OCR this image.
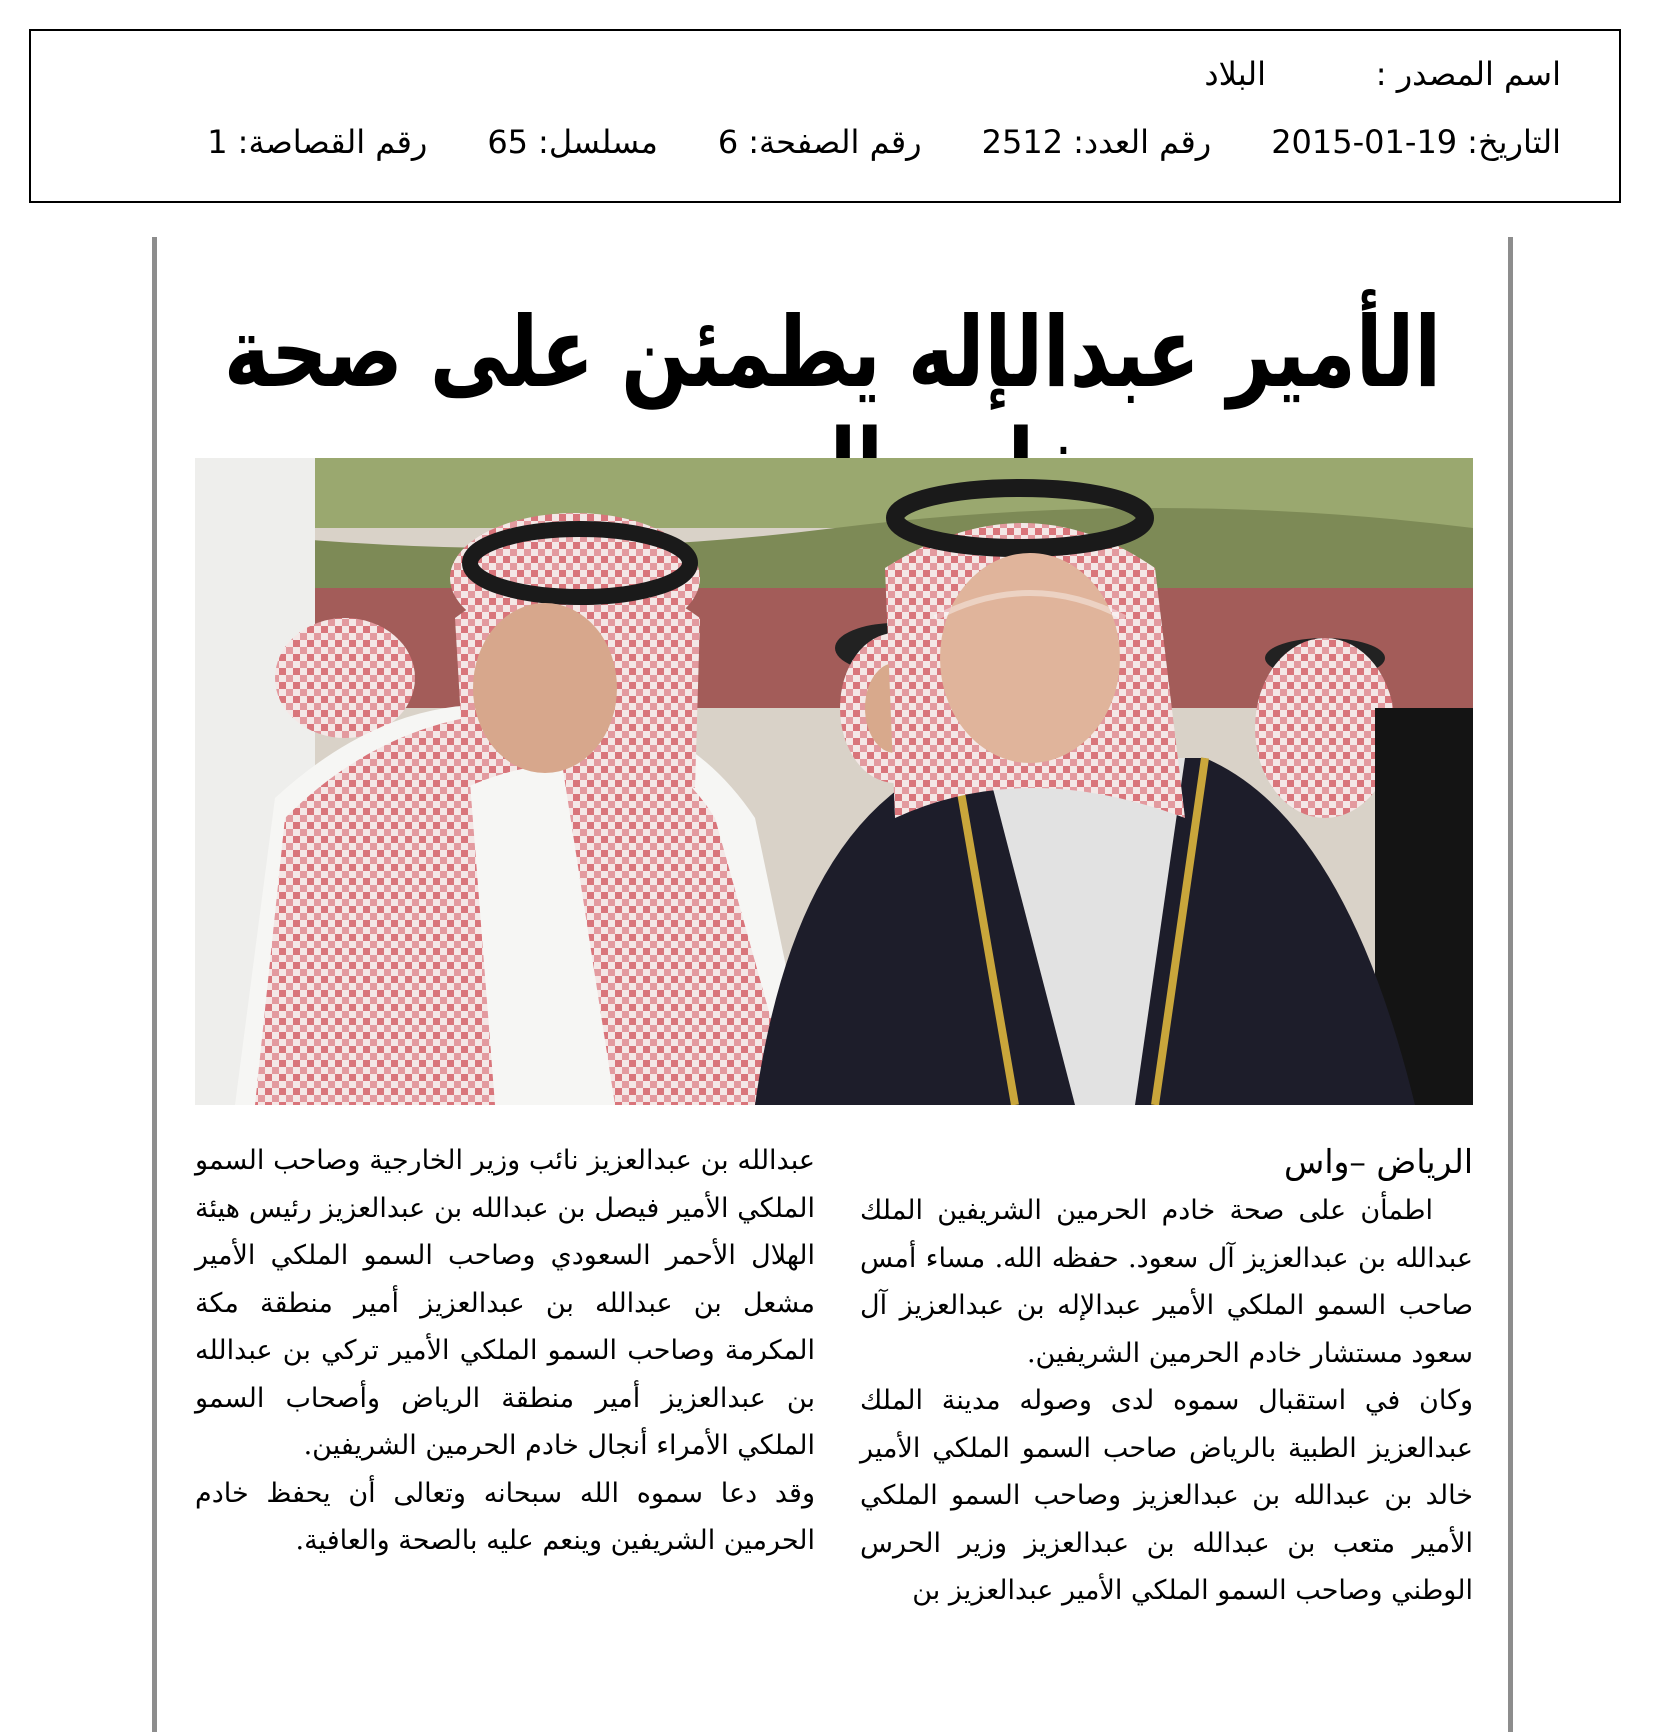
اسم المصدر :
البلاد
التاريخ:
2015-01-19
رقم العدد:
2512
رقم الصفحة:
6
مسلسل:
65
رقم القصاصة:
1
الأمير عبدالإله يطمئن على صحة
الرياض –واس

اطمأن على صحة خادم الحرمين الشريفين الملك عبدالله بن عبدالعزيز آل سعود. حفظه الله. مساء أمس صاحب السمو الملكي الأمير عبدالإله بن عبدالعزيز آل سعود مستشار خادم الحرمين الشريفين.

وكان في استقبال سموه لدى وصوله مدينة الملك عبدالعزيز الطبية بالرياض صاحب السمو الملكي الأمير خالد بن عبدالله بن عبدالعزيز وصاحب السمو الملكي الأمير متعب بن عبدالله بن عبدالعزيز وزير الحرس الوطني وصاحب السمو الملكي الأمير عبدالعزيز بن

عبدالله بن عبدالعزيز نائب وزير الخارجية وصاحب السمو الملكي الأمير فيصل بن عبدالله بن عبدالعزيز رئيس هيئة الهلال الأحمر السعودي وصاحب السمو الملكي الأمير مشعل بن عبدالله بن عبدالعزيز أمير منطقة مكة المكرمة وصاحب السمو الملكي الأمير تركي بن عبدالله بن عبدالعزيز أمير منطقة الرياض وأصحاب السمو الملكي الأمراء أنجال خادم الحرمين الشريفين.

وقد دعا سموه الله سبحانه وتعالى أن يحفظ خادم الحرمين الشريفين وينعم عليه بالصحة والعافية.
